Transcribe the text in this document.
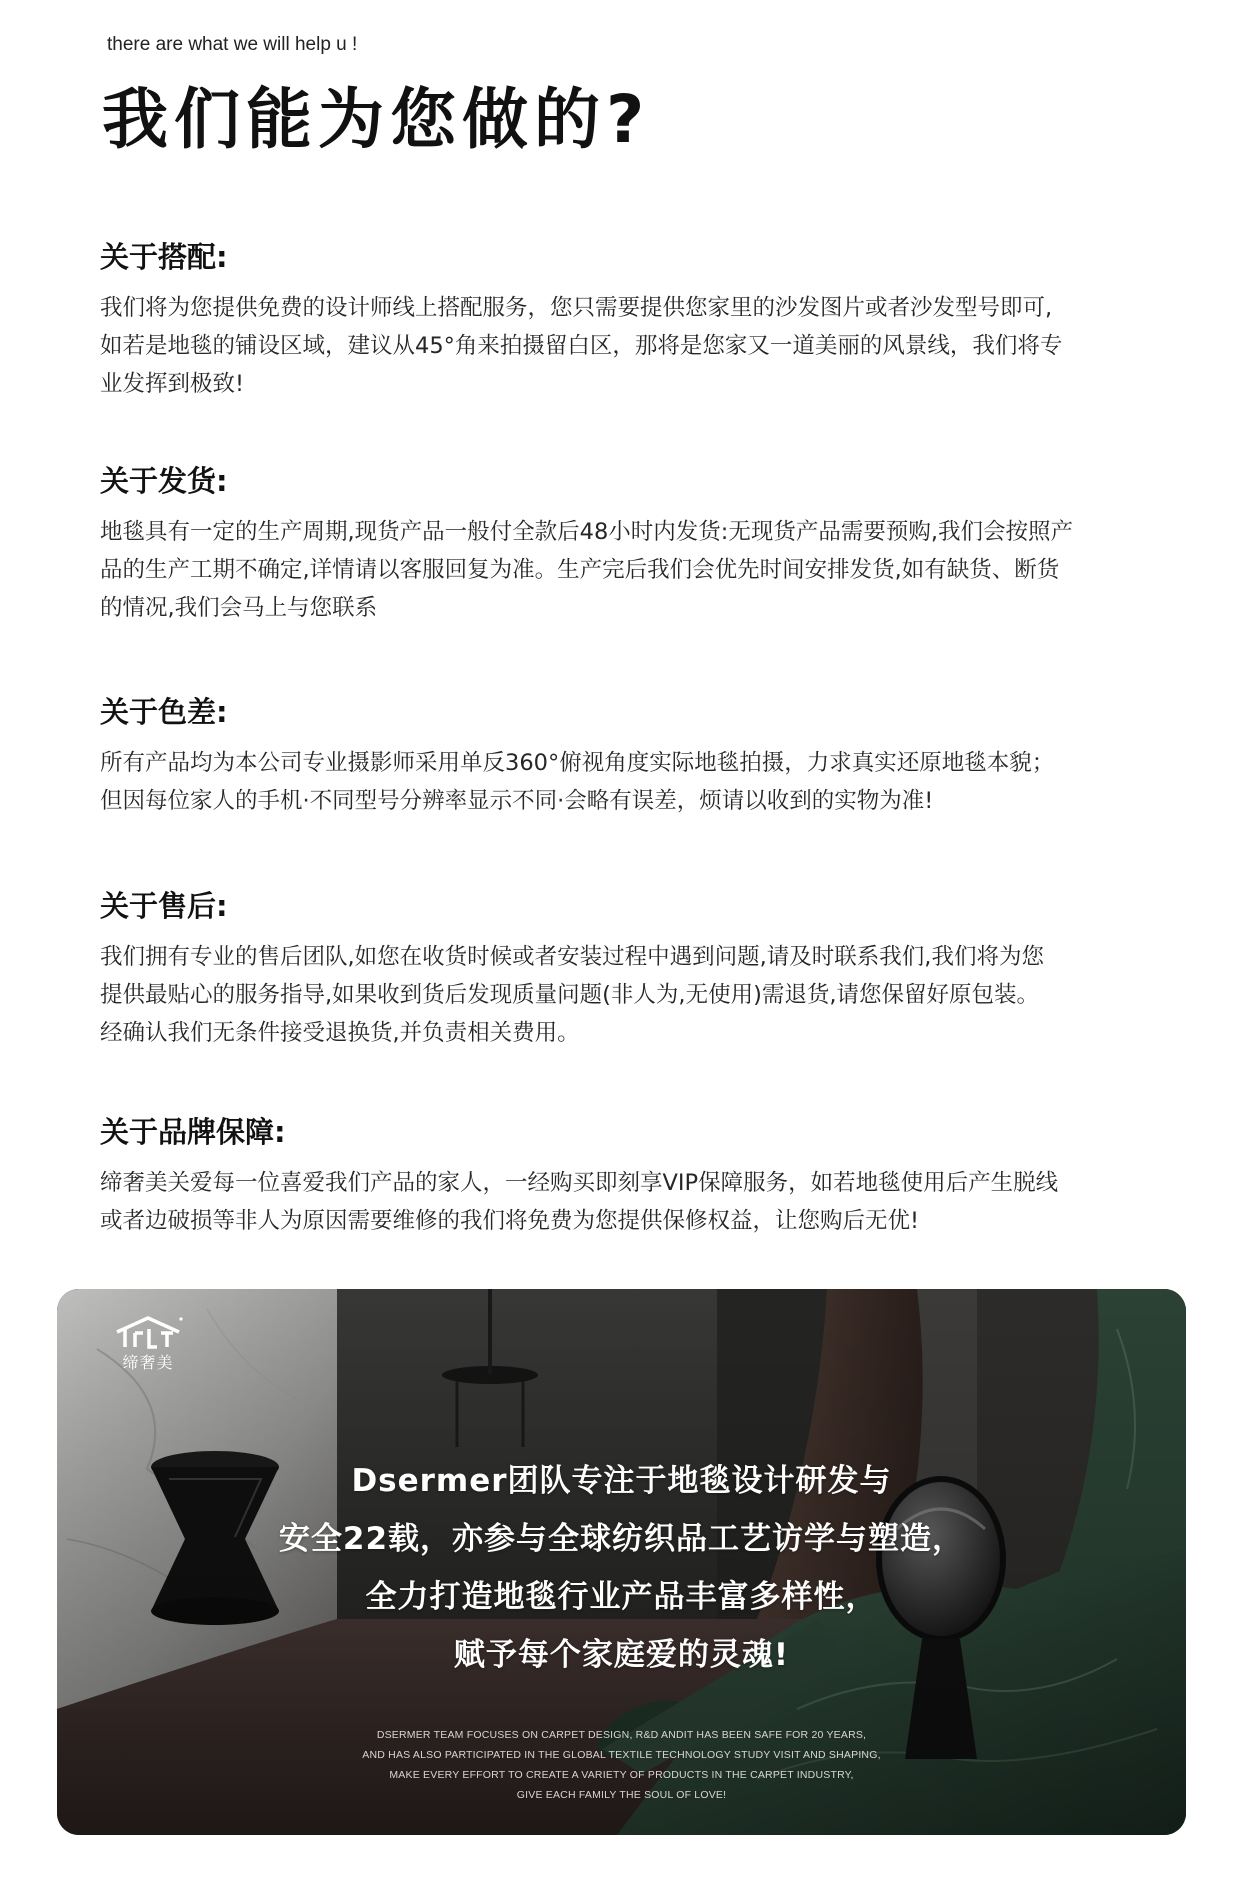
there are what we will help u !

我们能为您做的?
关于搭配:

我们将为您提供免费的设计师线上搭配服务，您只需要提供您家里的沙发图片或者沙发型号即可,
如若是地毯的铺设区域，建议从45°角来拍摄留白区，那将是您家又一道美丽的风景线，我们将专
业发挥到极致!

关于发货:

地毯具有一定的生产周期,现货产品一般付全款后48小时内发货:无现货产品需要预购,我们会按照产
品的生产工期不确定,详情请以客服回复为准。生产完后我们会优先时间安排发货,如有缺货、断货
的情况,我们会马上与您联系

关于色差:

所有产品均为本公司专业摄影师采用单反360°俯视角度实际地毯拍摄，力求真实还原地毯本貌；
但因每位家人的手机·不同型号分辨率显示不同·会略有误差，烦请以收到的实物为准!

关于售后:

我们拥有专业的售后团队,如您在收货时候或者安装过程中遇到问题,请及时联系我们,我们将为您
提供最贴心的服务指导,如果收到货后发现质量问题(非人为,无使用)需退货,请您保留好原包装。
经确认我们无条件接受退换货,并负责相关费用。

关于品牌保障:

缔奢美关爱每一位喜爱我们产品的家人，一经购买即刻享VIP保障服务，如若地毯使用后产生脱线
或者边破损等非人为原因需要维修的我们将免费为您提供保修权益，让您购后无优!

缔奢美
Dsermer团队专注于地毯设计研发与
安全22载，亦参与全球纺织品工艺访学与塑造，
全力打造地毯行业产品丰富多样性，
赋予每个家庭爱的灵魂!
DSERMER TEAM FOCUSES ON CARPET DESIGN, R&D ANDIT HAS BEEN SAFE FOR 20 YEARS,
AND HAS ALSO PARTICIPATED IN THE GLOBAL TEXTILE TECHNOLOGY STUDY VISIT AND SHAPING,
MAKE EVERY EFFORT TO CREATE A VARIETY OF PRODUCTS IN THE CARPET INDUSTRY,
GIVE EACH FAMILY THE SOUL OF LOVE!
